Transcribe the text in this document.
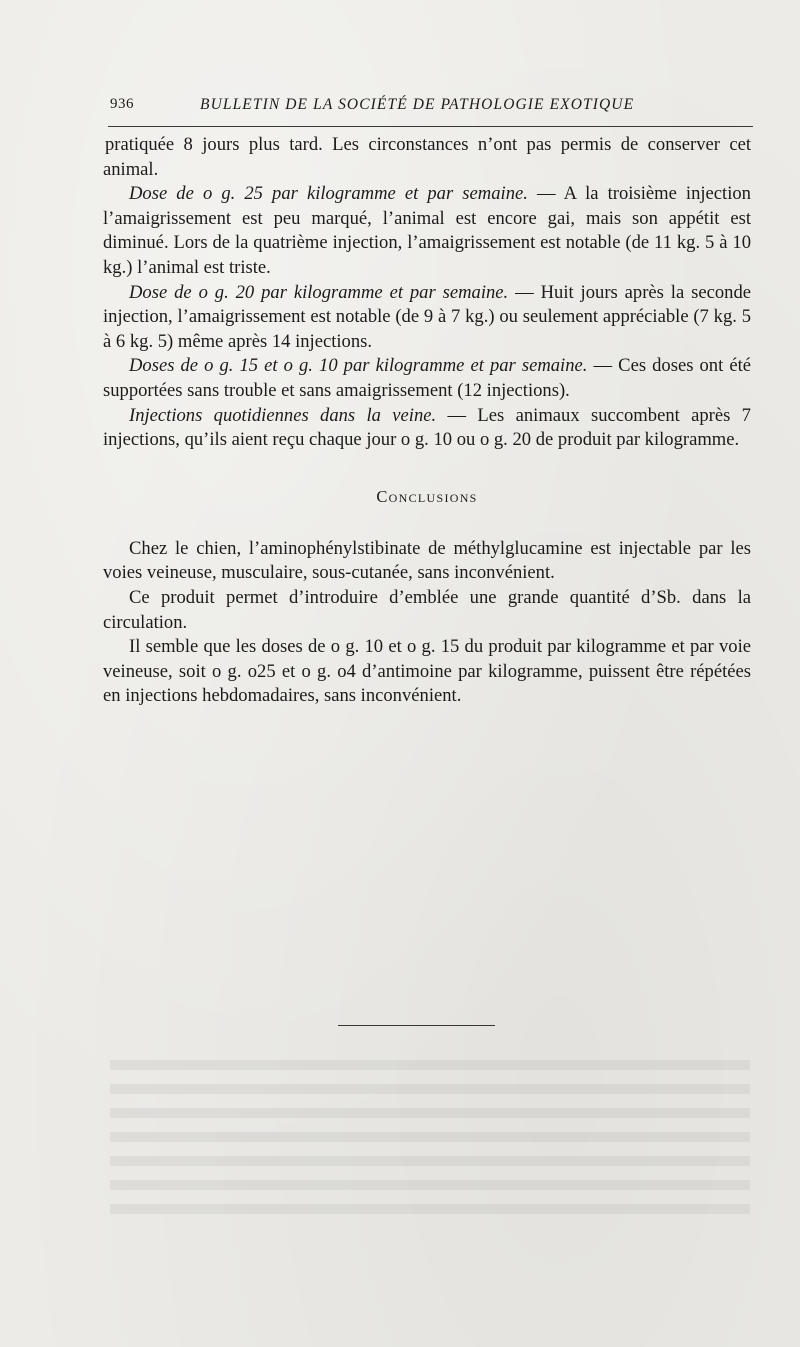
936	BULLETIN DE LA SOCIÉTÉ DE PATHOLOGIE EXOTIQUE

pratiquée 8 jours plus tard. Les circonstances n’ont pas permis de conserver cet animal.

Dose de o g. 25 par kilogramme et par semaine. — A la troisième injection l’amaigrissement est peu marqué, l’animal est encore gai, mais son appétit est diminué. Lors de la quatrième injection, l’amaigrissement est notable (de 11 kg. 5 à 10 kg.) l’animal est triste.

Dose de o g. 20 par kilogramme et par semaine. — Huit jours après la seconde injection, l’amaigrissement est notable (de 9 à 7 kg.) ou seulement appréciable (7 kg. 5 à 6 kg. 5) même après 14 injections.

Doses de o g. 15 et o g. 10 par kilogramme et par semaine. — Ces doses ont été supportées sans trouble et sans amaigrissement (12 injections).

Injections quotidiennes dans la veine. — Les animaux succombent après 7 injections, qu’ils aient reçu chaque jour o g. 10 ou o g. 20 de produit par kilogramme.

Conclusions

Chez le chien, l’aminophénylstibinate de méthylglucamine est injectable par les voies veineuse, musculaire, sous-cutanée, sans inconvénient.

Ce produit permet d’introduire d’emblée une grande quantité d’Sb. dans la circulation.

Il semble que les doses de o g. 10 et o g. 15 du produit par kilogramme et par voie veineuse, soit o g. o25 et o g. o4 d’antimoine par kilogramme, puissent être répétées en injections hebdomadaires, sans inconvénient.
